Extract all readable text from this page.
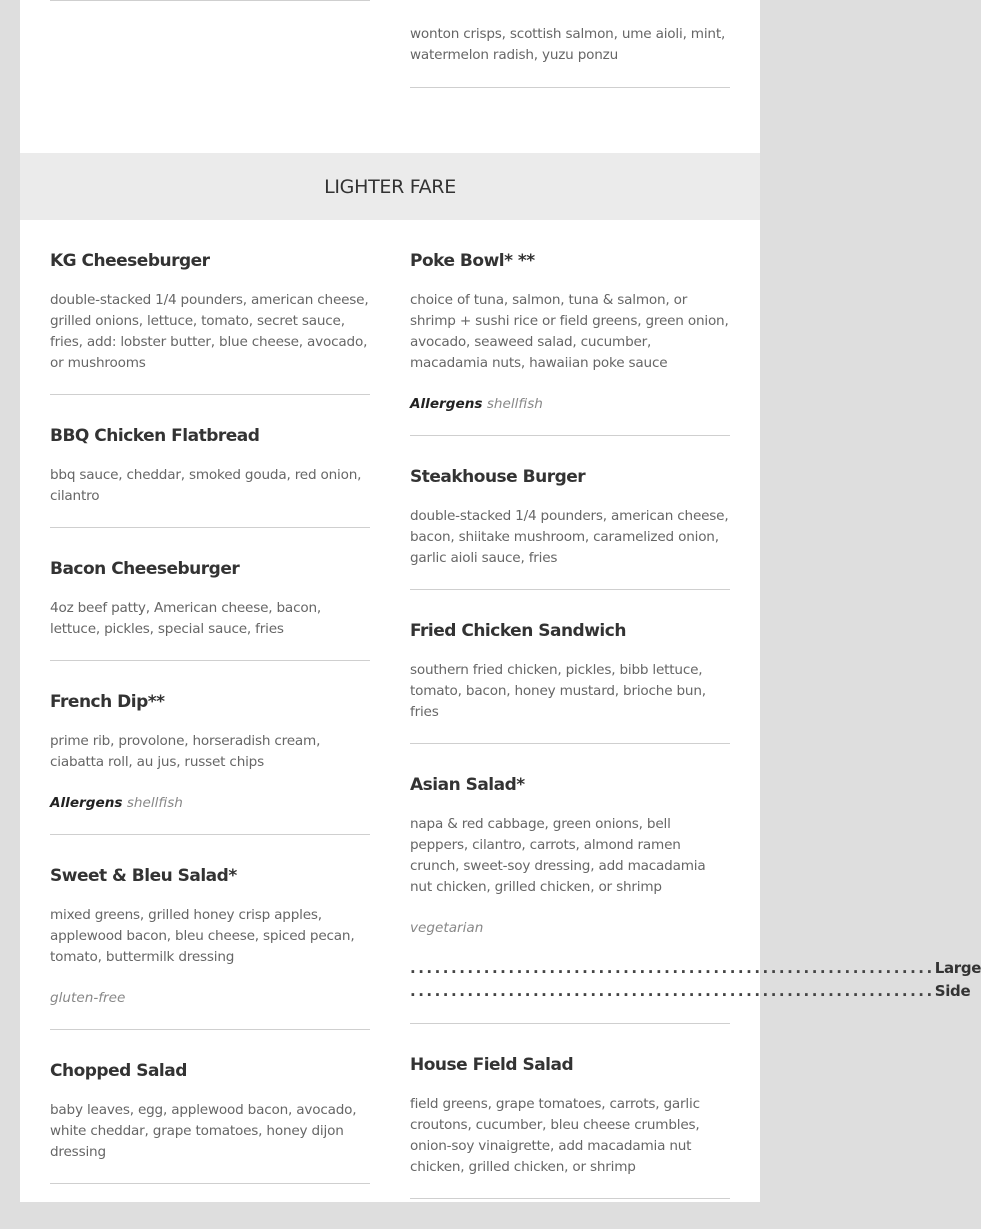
wonton crisps, scottish salmon, ume aioli, mint, watermelon radish, yuzu ponzu

LIGHTER FARE
KG Cheeseburger

double-stacked 1/4 pounders, american cheese, grilled onions, lettuce, tomato, secret sauce, fries, add: lobster butter, blue cheese, avocado, or mushrooms

BBQ Chicken Flatbread

bbq sauce, cheddar, smoked gouda, red onion, cilantro

Bacon Cheeseburger

4oz beef patty, American cheese, bacon, lettuce, pickles, special sauce, fries

French Dip**

prime rib, provolone, horseradish cream, ciabatta roll, au jus, russet chips

Allergens shellfish

Sweet & Bleu Salad*

mixed greens, grilled honey crisp apples, applewood bacon, bleu cheese, spiced pecan, tomato, buttermilk dressing

gluten-free

Chopped Salad

baby leaves, egg, applewood bacon, avocado, white cheddar, grape tomatoes, honey dijon dressing

Poke Bowl* **

choice of tuna, salmon, tuna & salmon, or shrimp + sushi rice or field greens, green onion, avocado, seaweed salad, cucumber, macadamia nuts, hawaiian poke sauce

Allergens shellfish

Steakhouse Burger

double-stacked 1/4 pounders, american cheese, bacon, shiitake mushroom, caramelized onion, garlic aioli sauce, fries

Fried Chicken Sandwich

southern fried chicken, pickles, bibb lettuce, tomato, bacon, honey mustard, brioche bun, fries

Asian Salad*

napa & red cabbage, green onions, bell peppers, cilantro, carrots, almond ramen crunch, sweet-soy dressing, add macadamia nut chicken, grilled chicken, or shrimp

vegetarian

................................................................ Large
................................................................ Side
House Field Salad

field greens, grape tomatoes, carrots, garlic croutons, cucumber, bleu cheese crumbles, onion-soy vinaigrette, add macadamia nut chicken, grilled chicken, or shrimp
